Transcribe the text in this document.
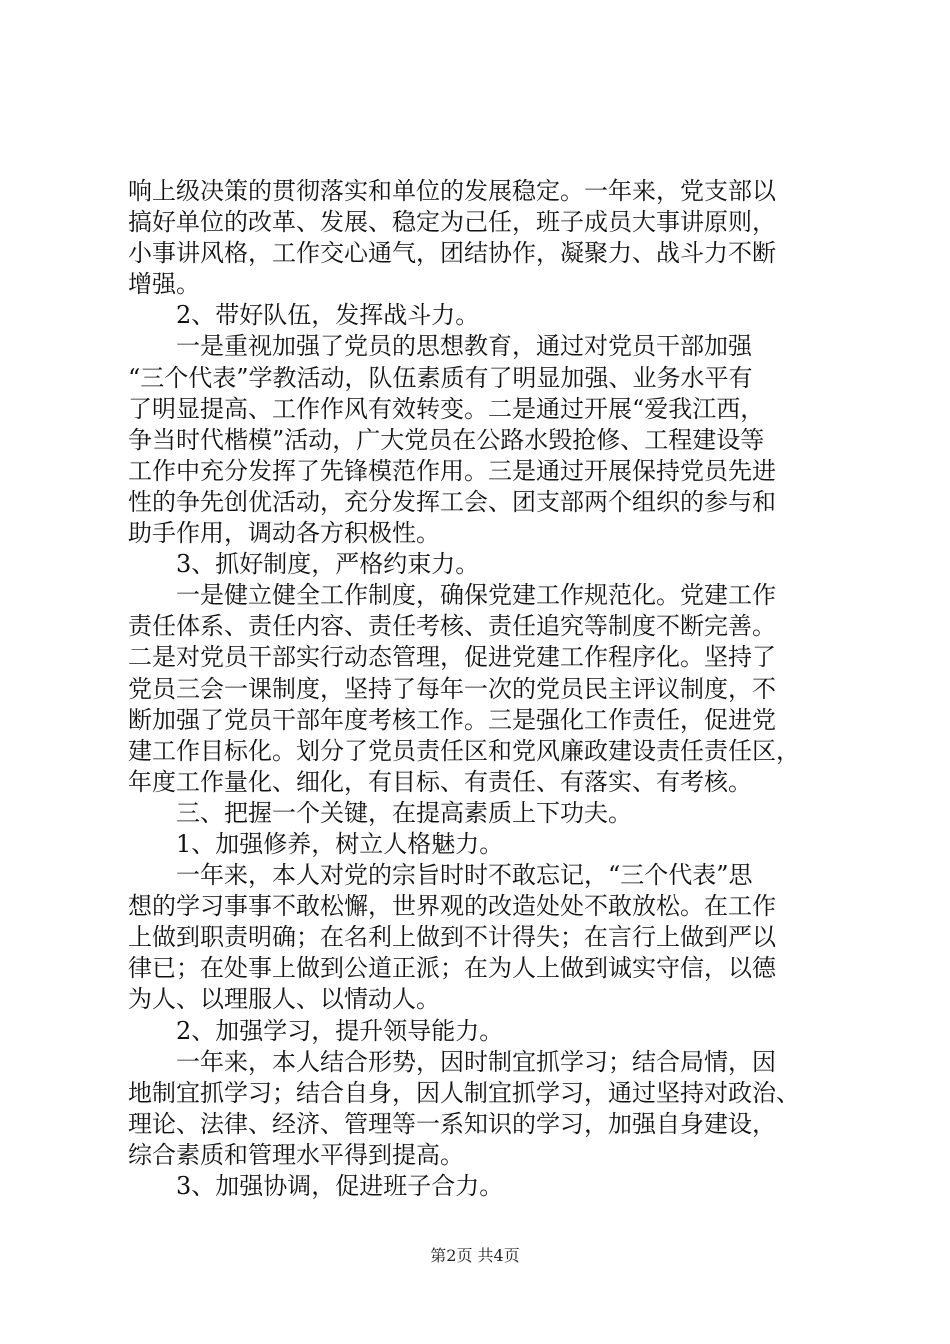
响上级决策的贯彻落实和单位的发展稳定。一年来，党支部以
搞好单位的改革、发展、稳定为己任，班子成员大事讲原则，
小事讲风格，工作交心通气，团结协作，凝聚力、战斗力不断
增强。
　　2、带好队伍，发挥战斗力。
　　一是重视加强了党员的思想教育，通过对党员干部加强
“三个代表”学教活动，队伍素质有了明显加强、业务水平有
了明显提高、工作作风有效转变。二是通过开展“爱我江西，
争当时代楷模”活动，广大党员在公路水毁抢修、工程建设等
工作中充分发挥了先锋模范作用。三是通过开展保持党员先进
性的争先创优活动，充分发挥工会、团支部两个组织的参与和
助手作用，调动各方积极性。
　　3、抓好制度，严格约束力。
　　一是健立健全工作制度，确保党建工作规范化。党建工作
责任体系、责任内容、责任考核、责任追究等制度不断完善。
二是对党员干部实行动态管理，促进党建工作程序化。坚持了
党员三会一课制度，坚持了每年一次的党员民主评议制度，不
断加强了党员干部年度考核工作。三是强化工作责任，促进党
建工作目标化。划分了党员责任区和党风廉政建设责任责任区，
年度工作量化、细化，有目标、有责任、有落实、有考核。
　　三、把握一个关键，在提高素质上下功夫。
　　1、加强修养，树立人格魅力。
　　一年来，本人对党的宗旨时时不敢忘记，“三个代表”思
想的学习事事不敢松懈，世界观的改造处处不敢放松。在工作
上做到职责明确；在名利上做到不计得失；在言行上做到严以
律已；在处事上做到公道正派；在为人上做到诚实守信，以德
为人、以理服人、以情动人。
　　2、加强学习，提升领导能力。
　　一年来，本人结合形势，因时制宜抓学习；结合局情，因
地制宜抓学习；结合自身，因人制宜抓学习，通过坚持对政治、
理论、法律、经济、管理等一系知识的学习，加强自身建设，
综合素质和管理水平得到提高。
　　3、加强协调，促进班子合力。
第2页 共4页
